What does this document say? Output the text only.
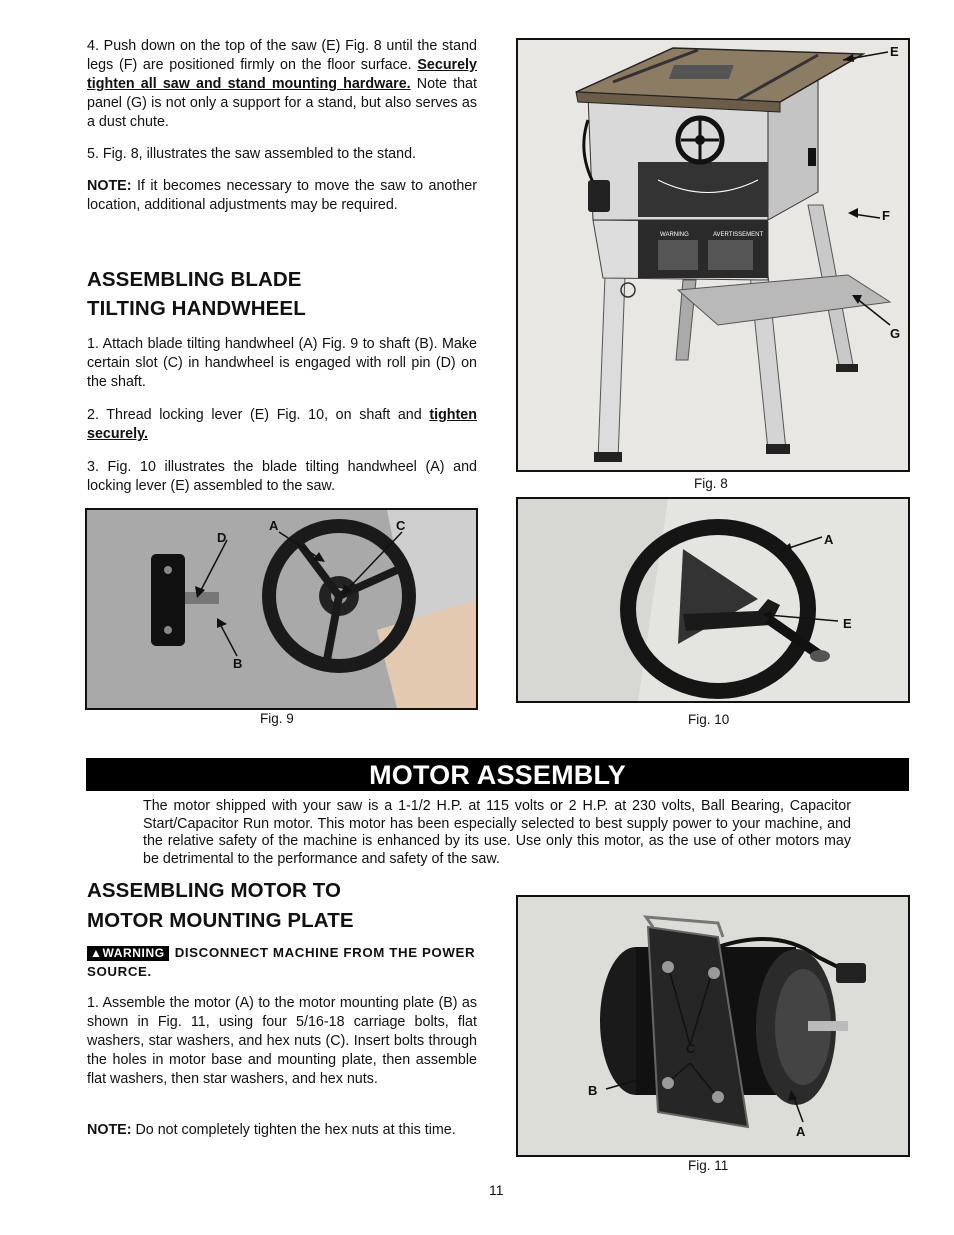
4. Push down on the top of the saw (E) Fig. 8 until the stand legs (F) are positioned firmly on the floor surface. Securely tighten all saw and stand mounting hardware. Note that panel (G) is not only a support for a stand, but also serves as a dust chute.

5. Fig. 8, illustrates the saw assembled to the stand.

NOTE: If it becomes necessary to move the saw to another location, additional adjustments may be required.

ASSEMBLING BLADE
TILTING HANDWHEEL

1. Attach blade tilting handwheel (A) Fig. 9 to shaft (B). Make certain slot (C) in handwheel is engaged with roll pin (D) on the shaft.

2. Thread locking lever (E) Fig. 10, on shaft and tighten securely.

3. Fig. 10 illustrates the blade tilting handwheel (A) and locking lever (E) assembled to the saw.

WARNING	AVERTISSEMENT
E
F
G
Fig. 8
D
A	C
B
Fig. 9
A
E
Fig. 10
MOTOR ASSEMBLY

The motor shipped with your saw is a 1-1/2 H.P. at 115 volts or 2 H.P. at 230 volts, Ball Bearing, Capacitor Start/Capacitor Run motor. This motor has been especially selected to best supply power to your machine, and the relative safety of the machine is enhanced by its use. Use only this motor, as the use of other motors may be detrimental to the performance and safety of the saw.

ASSEMBLING MOTOR TO
MOTOR MOUNTING PLATE

▲WARNING DISCONNECT MACHINE FROM THE POWER SOURCE.

1. Assemble the motor (A) to the motor mounting plate (B) as shown in Fig. 11, using four 5/16-18 carriage bolts, flat washers, star washers, and hex nuts (C). Insert bolts through the holes in motor base and mounting plate, then assemble flat washers, then star washers, and hex nuts.

NOTE: Do not completely tighten the hex nuts at this time.

C
B
A
Fig. 11
11
